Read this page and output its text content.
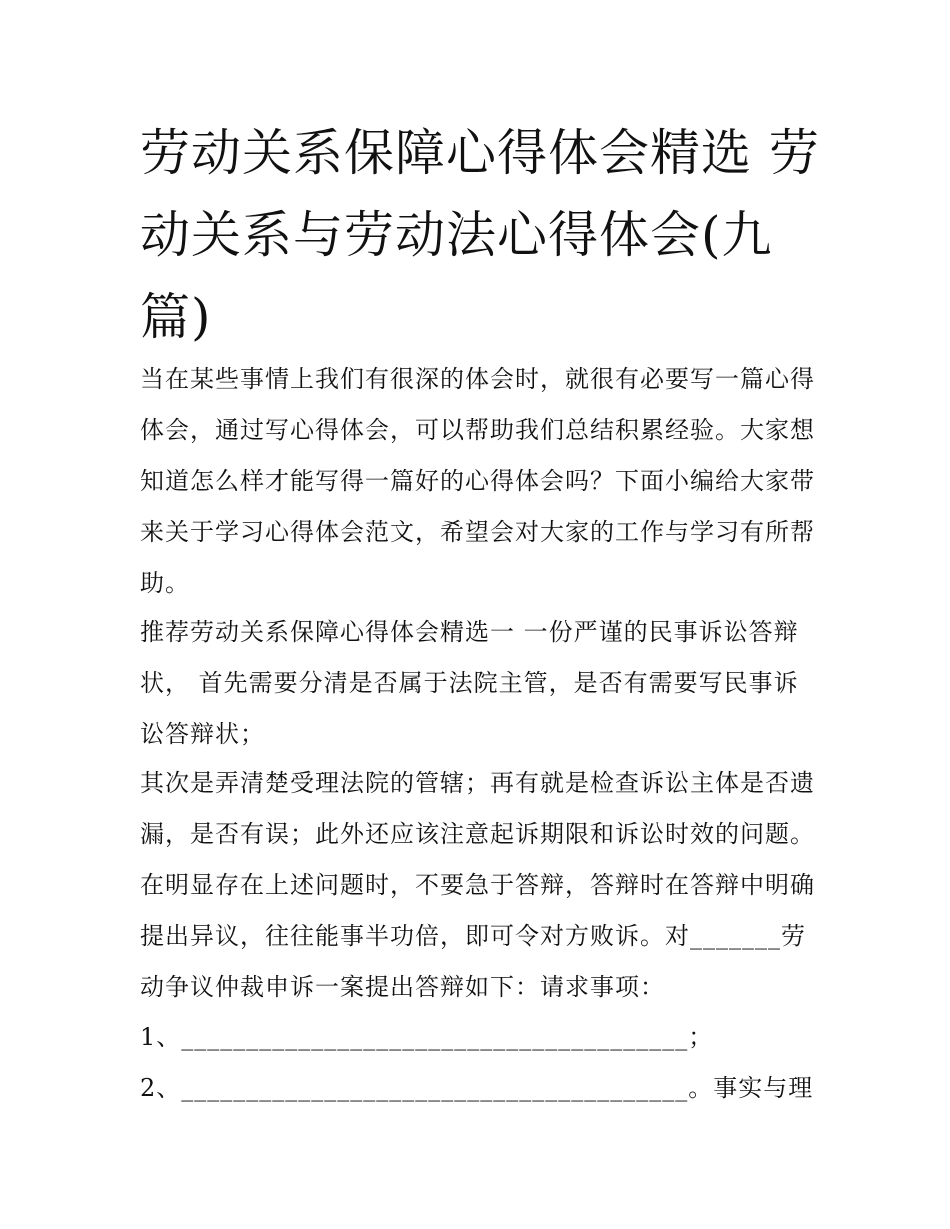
劳动关系保障心得体会精选 劳动关系与劳动法心得体会(九篇)

当在某些事情上我们有很深的体会时，就很有必要写一篇心得体会，通过写心得体会，可以帮助我们总结积累经验。大家想知道怎么样才能写得一篇好的心得体会吗？下面小编给大家带来关于学习心得体会范文，希望会对大家的工作与学习有所帮助。

推荐劳动关系保障心得体会精选一 一份严谨的民事诉讼答辩状， 首先需要分清是否属于法院主管，是否有需要写民事诉讼答辩状；

其次是弄清楚受理法院的管辖；再有就是检查诉讼主体是否遗漏，是否有误；此外还应该注意起诉期限和诉讼时效的问题。在明显存在上述问题时，不要急于答辩，答辩时在答辩中明确提出异议，往往能事半功倍，即可令对方败诉。对_______劳动争议仲裁申诉一案提出答辩如下：请求事项：

1、_______________________________________；

2、_______________________________________。事实与理
